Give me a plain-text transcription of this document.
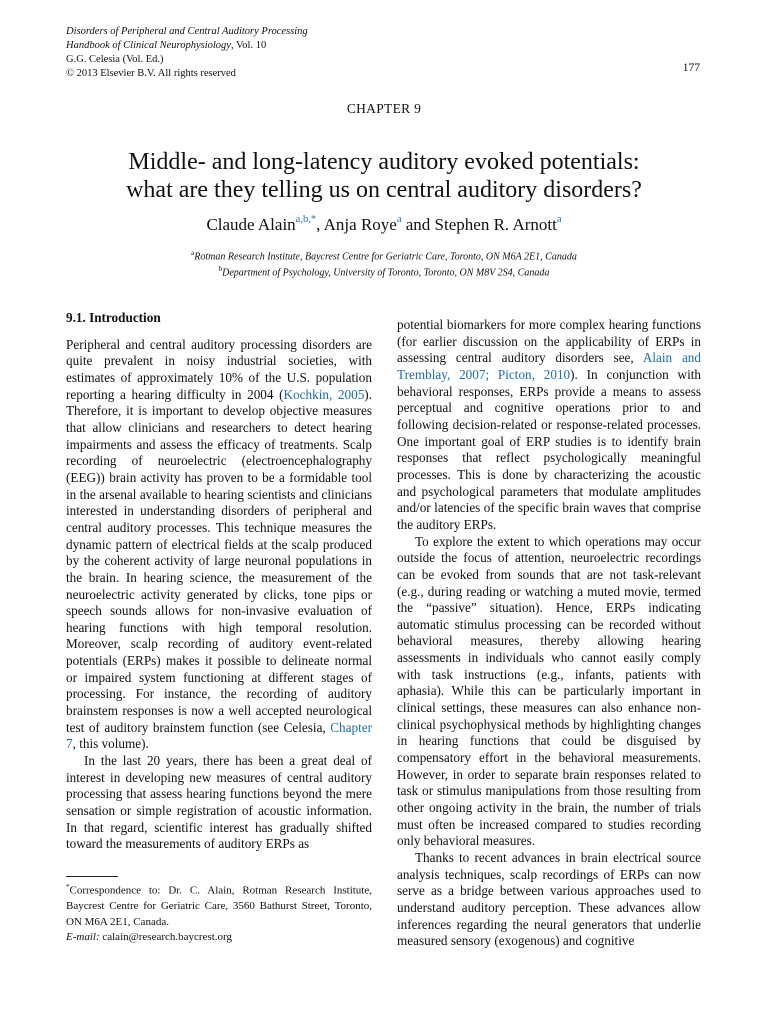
Disorders of Peripheral and Central Auditory Processing
Handbook of Clinical Neurophysiology, Vol. 10
G.G. Celesia (Vol. Ed.)
© 2013 Elsevier B.V. All rights reserved	177
CHAPTER 9
Middle- and long-latency auditory evoked potentials:
what are they telling us on central auditory disorders?
Claude Alain$^{a,b,*}$, Anja Roye$^a$ and Stephen R. Arnott$^a$
$^a$Rotman Research Institute, Baycrest Centre for Geriatric Care, Toronto, ON M6A 2E1, Canada
$^b$Department of Psychology, University of Toronto, Toronto, ON M8V 2S4, Canada

9.1. Introduction

Peripheral and central auditory processing disorders are quite prevalent in noisy industrial societies, with estimates of approximately 10% of the U.S. population reporting a hearing difficulty in 2004 (Kochkin, 2005). Therefore, it is important to develop objective measures that allow clinicians and researchers to detect hearing impairments and assess the efficacy of treatments. Scalp recording of neuroelectric (electroencephalography (EEG)) brain activity has proven to be a formidable tool in the arsenal available to hearing scientists and clinicians interested in understanding disorders of peripheral and central auditory processes. This technique measures the dynamic pattern of electrical fields at the scalp produced by the coherent activity of large neuronal populations in the brain. In hearing science, the measurement of the neuroelectric activity generated by clicks, tone pips or speech sounds allows for non-invasive evaluation of hearing functions with high temporal resolution. Moreover, scalp recording of auditory event-related potentials (ERPs) makes it possible to delineate normal or impaired system functioning at different stages of processing. For instance, the recording of auditory brainstem responses is now a well accepted neurological test of auditory brainstem function (see Celesia, Chapter 7, this volume).

In the last 20 years, there has been a great deal of interest in developing new measures of central auditory processing that assess hearing functions beyond the mere sensation or simple registration of acoustic information. In that regard, scientific interest has gradually shifted toward the measurements of auditory ERPs as

potential biomarkers for more complex hearing functions (for earlier discussion on the applicability of ERPs in assessing central auditory disorders see, Alain and Tremblay, 2007; Picton, 2010). In conjunction with behavioral responses, ERPs provide a means to assess perceptual and cognitive operations prior to and following decision-related or response-related processes. One important goal of ERP studies is to identify brain responses that reflect psychologically meaningful processes. This is done by characterizing the acoustic and psychological parameters that modulate amplitudes and/or latencies of the specific brain waves that comprise the auditory ERPs.

To explore the extent to which operations may occur outside the focus of attention, neuroelectric recordings can be evoked from sounds that are not task-relevant (e.g., during reading or watching a muted movie, termed the “passive” situation). Hence, ERPs indicating automatic stimulus processing can be recorded without behavioral measures, thereby allowing hearing assessments in individuals who cannot easily comply with task instructions (e.g., infants, patients with aphasia). While this can be particularly important in clinical settings, these measures can also enhance non-clinical psychophysical methods by highlighting changes in hearing functions that could be disguised by compensatory effort in the behavioral measurements. However, in order to separate brain responses related to task or stimulus manipulations from those resulting from other ongoing activity in the brain, the number of trials must often be increased compared to studies recording only behavioral measures.

Thanks to recent advances in brain electrical source analysis techniques, scalp recordings of ERPs can now serve as a bridge between various approaches used to understand auditory perception. These advances allow inferences regarding the neural generators that underlie measured sensory (exogenous) and cognitive

*Correspondence to: Dr. C. Alain, Rotman Research Institute, Baycrest Centre for Geriatric Care, 3560 Bathurst Street, Toronto, ON M6A 2E1, Canada.
E-mail: calain@research.baycrest.org
